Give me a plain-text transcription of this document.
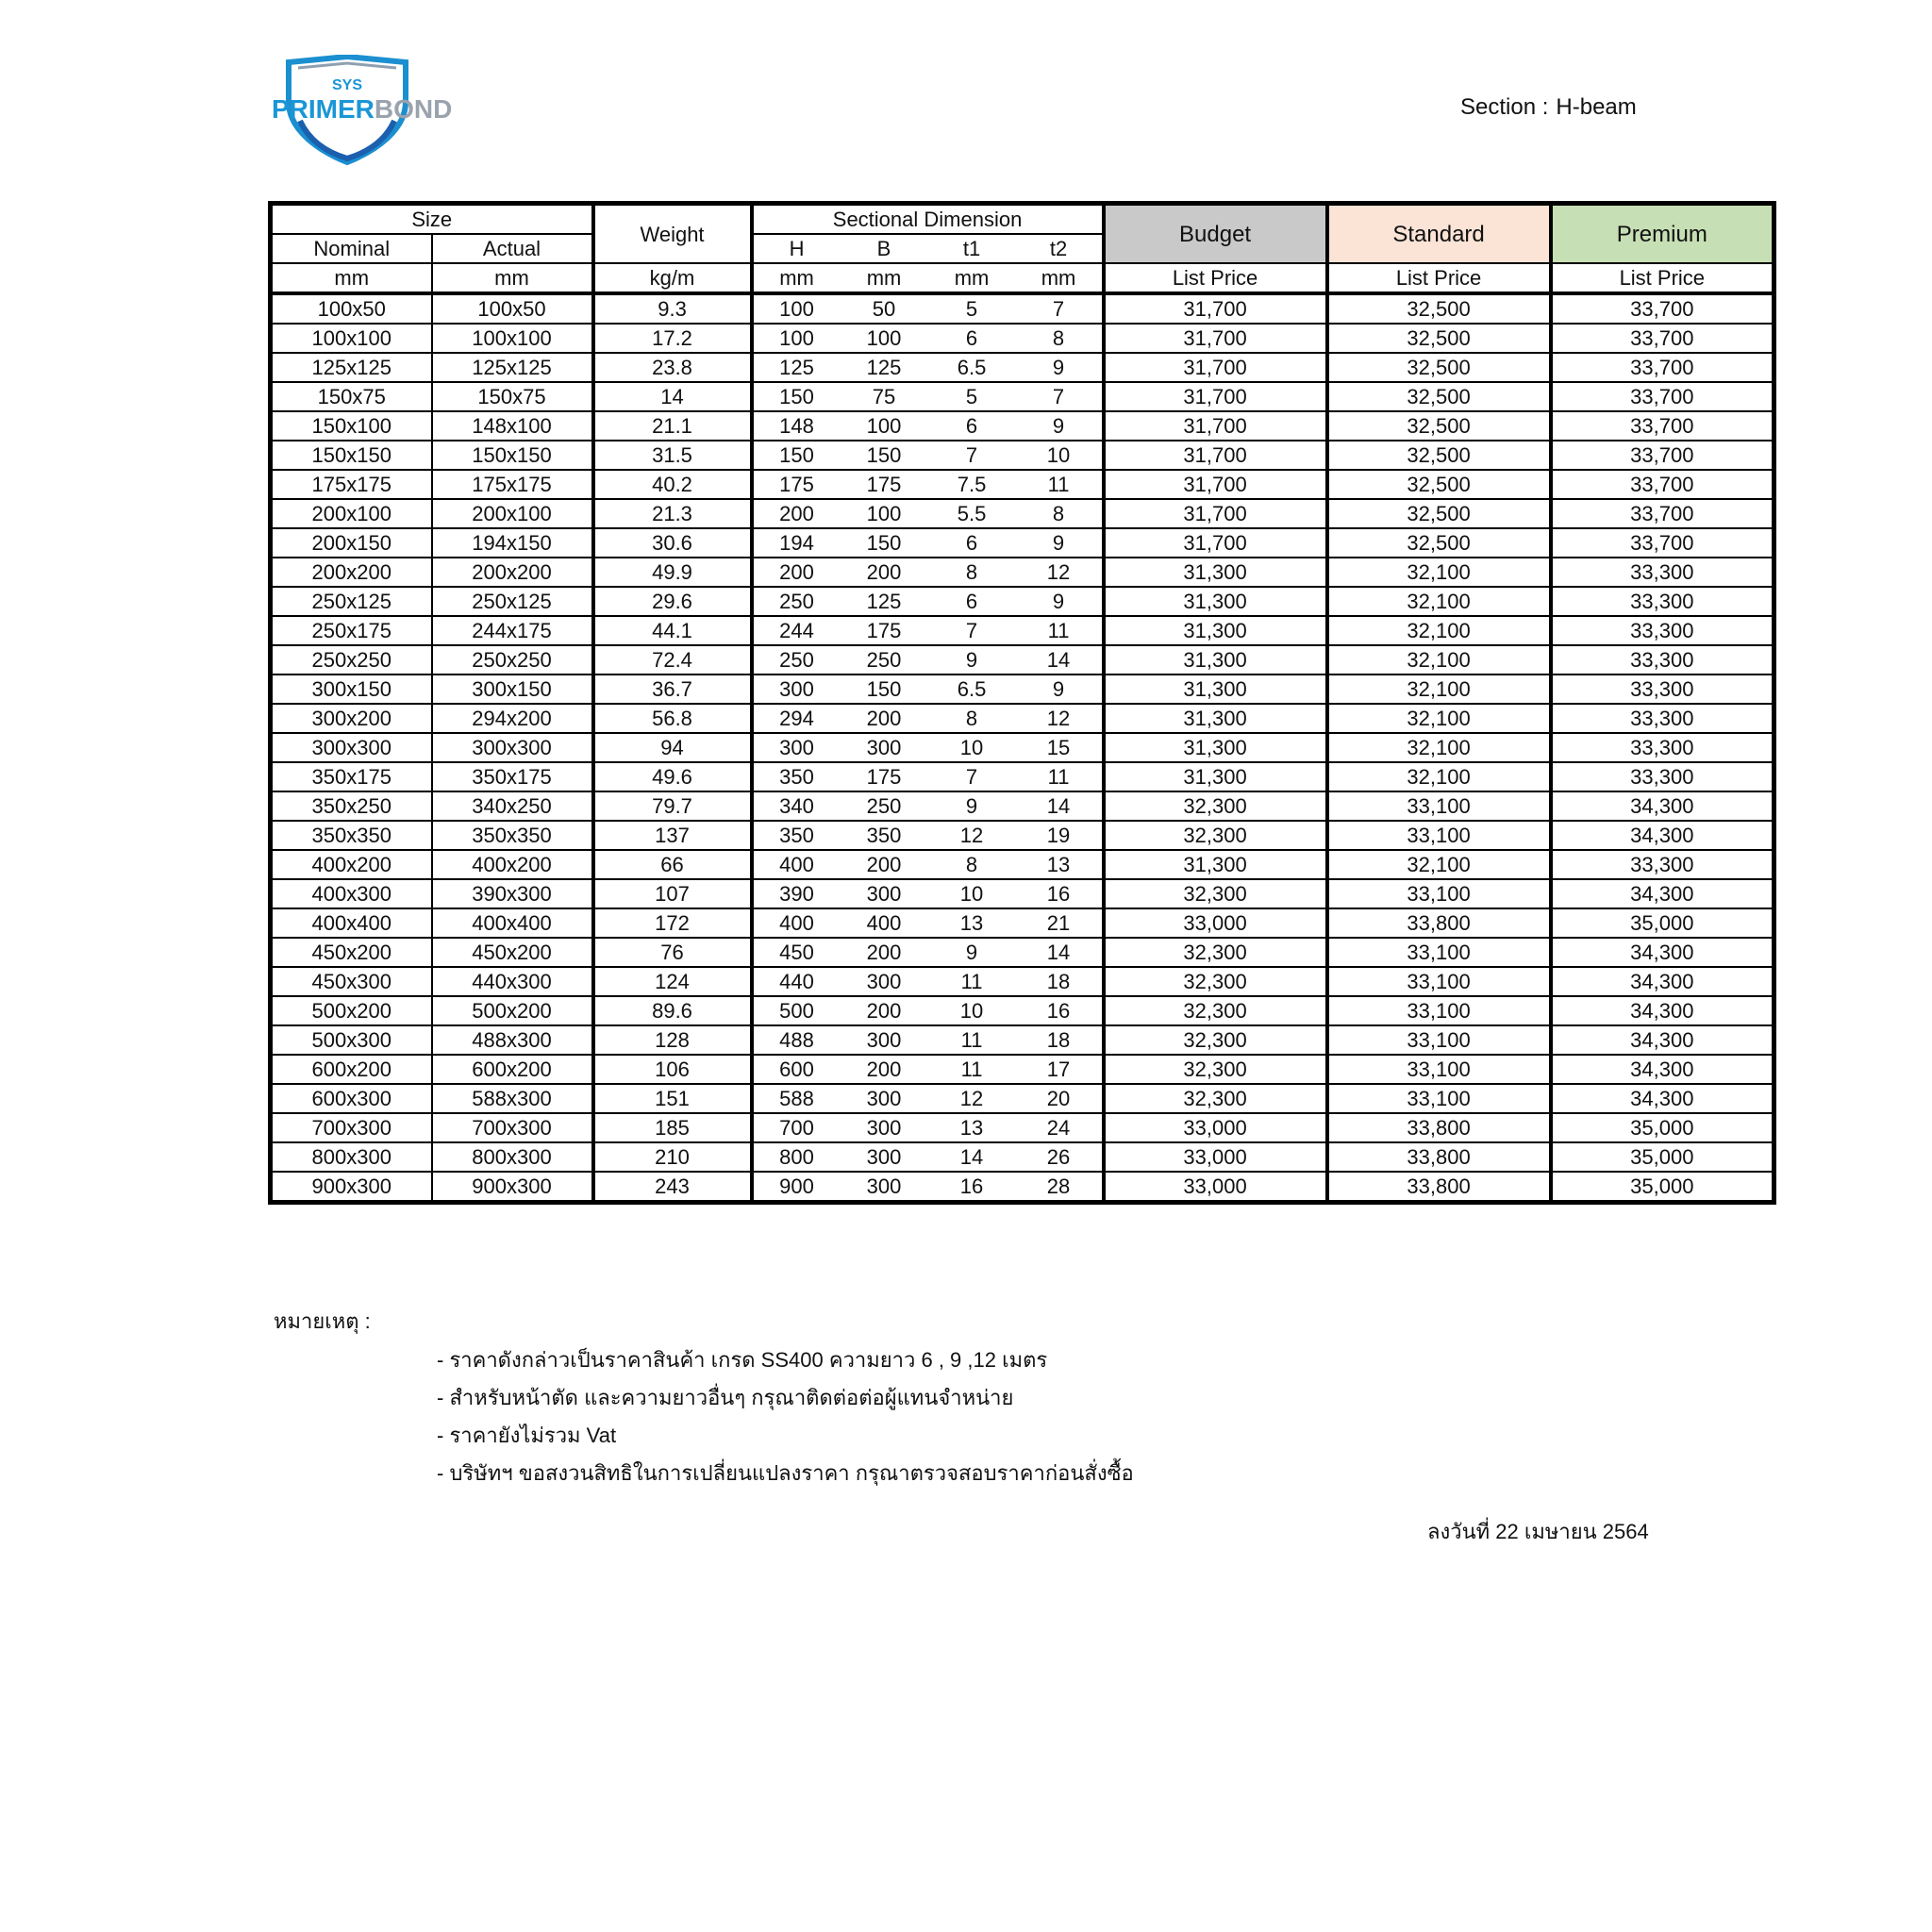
SYS
PRIMERBOND	Section : H-beam
Size		Weight	Sectional Dimension				Budget	Standard	Premium
Nominal	Actual		H	B	t1	t2			
mm	mm	kg/m	mm	mm	mm	mm	List Price	List Price	List Price
100x50	100x50	9.3	100	50	5	7	31,700	32,500	33,700
100x100	100x100	17.2	100	100	6	8	31,700	32,500	33,700
125x125	125x125	23.8	125	125	6.5	9	31,700	32,500	33,700
150x75	150x75	14	150	75	5	7	31,700	32,500	33,700
150x100	148x100	21.1	148	100	6	9	31,700	32,500	33,700
150x150	150x150	31.5	150	150	7	10	31,700	32,500	33,700
175x175	175x175	40.2	175	175	7.5	11	31,700	32,500	33,700
200x100	200x100	21.3	200	100	5.5	8	31,700	32,500	33,700
200x150	194x150	30.6	194	150	6	9	31,700	32,500	33,700
200x200	200x200	49.9	200	200	8	12	31,300	32,100	33,300
250x125	250x125	29.6	250	125	6	9	31,300	32,100	33,300
250x175	244x175	44.1	244	175	7	11	31,300	32,100	33,300
250x250	250x250	72.4	250	250	9	14	31,300	32,100	33,300
300x150	300x150	36.7	300	150	6.5	9	31,300	32,100	33,300
300x200	294x200	56.8	294	200	8	12	31,300	32,100	33,300
300x300	300x300	94	300	300	10	15	31,300	32,100	33,300
350x175	350x175	49.6	350	175	7	11	31,300	32,100	33,300
350x250	340x250	79.7	340	250	9	14	32,300	33,100	34,300
350x350	350x350	137	350	350	12	19	32,300	33,100	34,300
400x200	400x200	66	400	200	8	13	31,300	32,100	33,300
400x300	390x300	107	390	300	10	16	32,300	33,100	34,300
400x400	400x400	172	400	400	13	21	33,000	33,800	35,000
450x200	450x200	76	450	200	9	14	32,300	33,100	34,300
450x300	440x300	124	440	300	11	18	32,300	33,100	34,300
500x200	500x200	89.6	500	200	10	16	32,300	33,100	34,300
500x300	488x300	128	488	300	11	18	32,300	33,100	34,300
600x200	600x200	106	600	200	11	17	32,300	33,100	34,300
600x300	588x300	151	588	300	12	20	32,300	33,100	34,300
700x300	700x300	185	700	300	13	24	33,000	33,800	35,000
800x300	800x300	210	800	300	14	26	33,000	33,800	35,000
900x300	900x300	243	900	300	16	28	33,000	33,800	35,000
หมายเหตุ :
- ราคาดังกล่าวเป็นราคาสินค้า เกรด SS400 ความยาว 6 , 9 ,12 เมตร
- สำหรับหน้าตัด และความยาวอื่นๆ กรุณาติดต่อต่อผู้แทนจำหน่าย
- ราคายังไม่รวม Vat
- บริษัทฯ ขอสงวนสิทธิในการเปลี่ยนแปลงราคา กรุณาตรวจสอบราคาก่อนสั่งซื้อ
ลงวันที่ 22 เมษายน 2564
